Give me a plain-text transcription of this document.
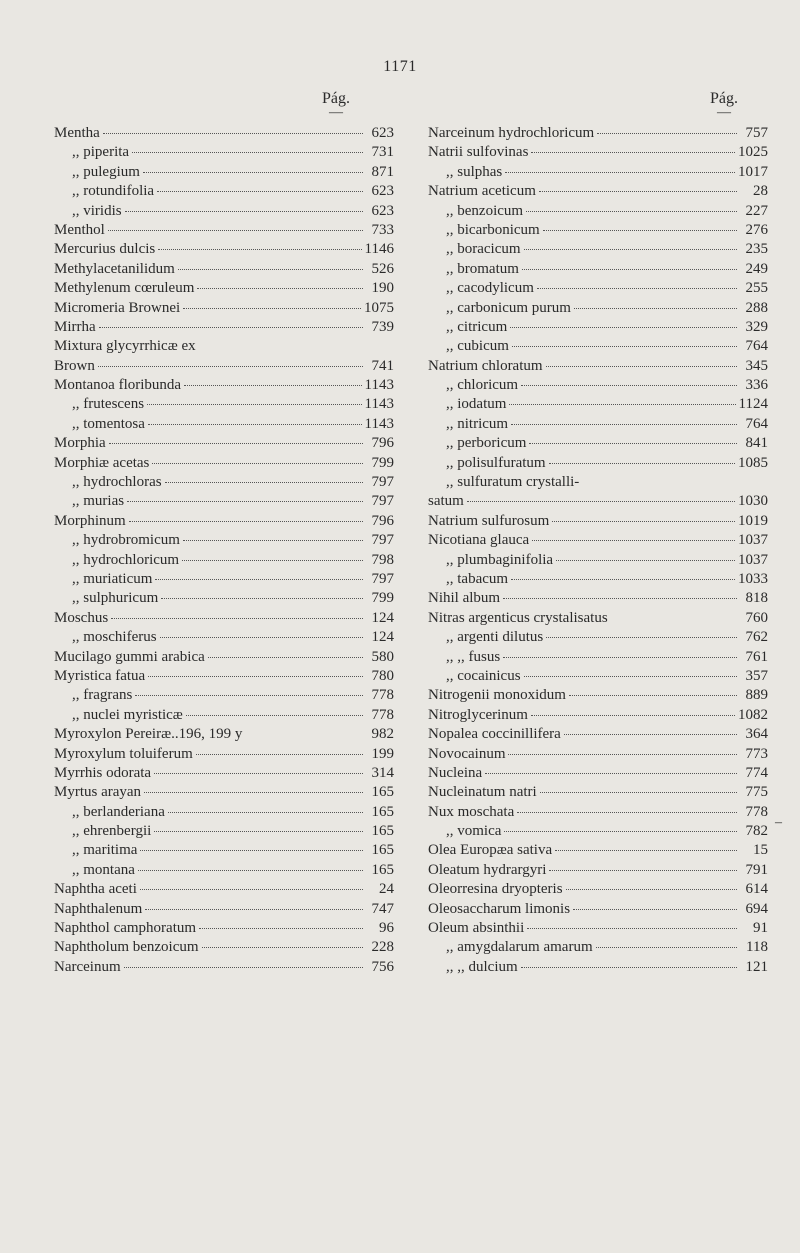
1171
Pág.
—
Pág.
—
Mentha	623
,, piperita	731
,, pulegium	871
,, rotundifolia	623
,, viridis	623
Menthol	733
Mercurius dulcis	1146
Methylacetanilidum	526
Methylenum cœruleum	190
Micromeria Brownei	1075
Mirrha	739
Mixtura glycyrrhicæ ex
Brown	741
Montanoa floribunda	1143
,, frutescens	1143
,, tomentosa	1143
Morphia	796
Morphiæ acetas	799
,, hydrochloras	797
,, murias	797
Morphinum	796
,, hydrobromicum	797
,, hydrochloricum	798
,, muriaticum	797
,, sulphuricum	799
Moschus	124
,, moschiferus	124
Mucilago gummi arabica	580
Myristica fatua	780
,, fragrans	778
,, nuclei myristicæ	778
Myroxylon Pereiræ..196, 199 y	982
Myroxylum toluiferum	199
Myrrhis odorata	314
Myrtus arayan	165
,, berlanderiana	165
,, ehrenbergii	165
,, maritima	165
,, montana	165
Naphtha aceti	24
Naphthalenum	747
Naphthol camphoratum	96
Naphtholum benzoicum	228
Narceinum	756
Narceinum hydrochloricum	757
Natrii sulfovinas	1025
,, sulphas	1017
Natrium aceticum	28
,, benzoicum	227
,, bicarbonicum	276
,, boracicum	235
,, bromatum	249
,, cacodylicum	255
,, carbonicum purum	288
,, citricum	329
,, cubicum	764
Natrium chloratum	345
,, chloricum	336
,, iodatum	1124
,, nitricum	764
,, perboricum	841
,, polisulfuratum	1085
,, sulfuratum crystalli-
satum	1030
Natrium sulfurosum	1019
Nicotiana glauca	1037
,, plumbaginifolia	1037
,, tabacum	1033
Nihil album	818
Nitras argenticus crystalisatus	760
,, argenti dilutus	762
,, ,, fusus	761
,, cocainicus	357
Nitrogenii monoxidum	889
Nitroglycerinum	1082
Nopalea coccinillifera	364
Novocainum	773
Nucleina	774
Nucleinatum natri	775
Nux moschata	778
,, vomica	782
Olea Europæa sativa	15
Oleatum hydrargyri	791
Oleorresina dryopteris	614
Oleosaccharum limonis	694
Oleum absinthii	91
,, amygdalarum amarum	118
,, ,, dulcium	121
–
